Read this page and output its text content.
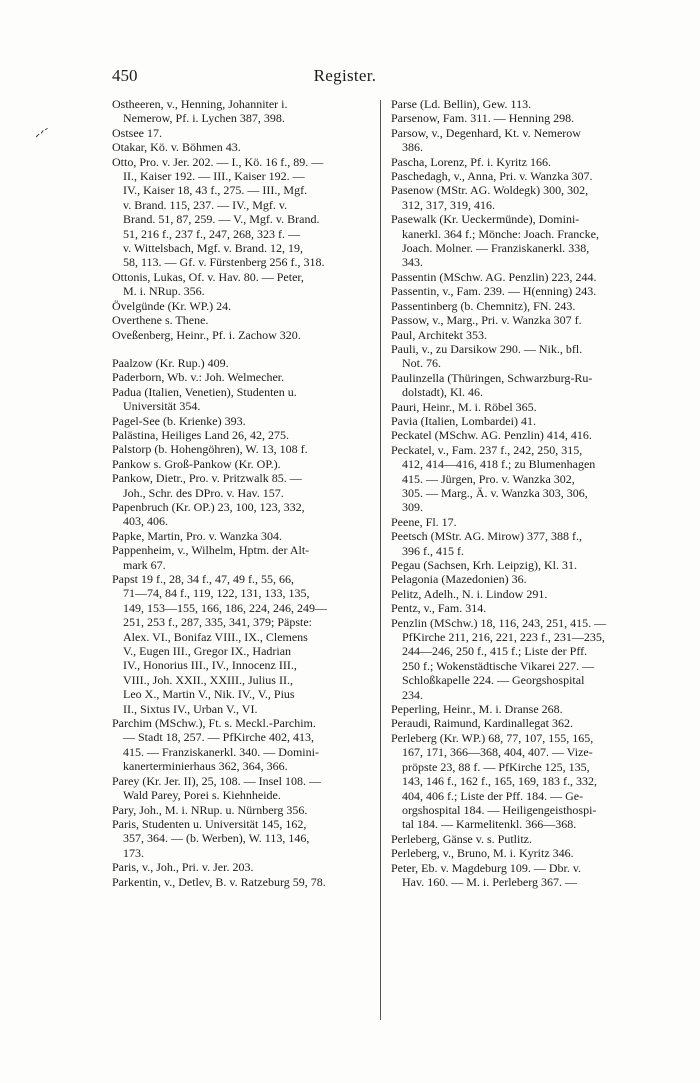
450	Register.
Ostheeren, v., Henning, Johanniter i.
Nemerow, Pf. i. Lychen 387, 398.
Ostsee 17.
Otakar, Kö. v. Böhmen 43.
Otto, Pro. v. Jer. 202. — I., Kö. 16 f., 89. —
II., Kaiser 192. — III., Kaiser 192. —
IV., Kaiser 18, 43 f., 275. — III., Mgf.
v. Brand. 115, 237. — IV., Mgf. v.
Brand. 51, 87, 259. — V., Mgf. v. Brand.
51, 216 f., 237 f., 247, 268, 323 f. —
v. Wittelsbach, Mgf. v. Brand. 12, 19,
58, 113. — Gf. v. Fürstenberg 256 f., 318.
Ottonis, Lukas, Of. v. Hav. 80. — Peter,
M. i. NRup. 356.
Övelgünde (Kr. WP.) 24.
Overthene s. Thene.
Oveßenberg, Heinr., Pf. i. Zachow 320.
Paalzow (Kr. Rup.) 409.
Paderborn, Wb. v.: Joh. Welmecher.
Padua (Italien, Venetien), Studenten u.
Universität 354.
Pagel-See (b. Krienke) 393.
Palästina, Heiliges Land 26, 42, 275.
Palstorp (b. Hohengöhren), W. 13, 108 f.
Pankow s. Groß-Pankow (Kr. OP.).
Pankow, Dietr., Pro. v. Pritzwalk 85. —
Joh., Schr. des DPro. v. Hav. 157.
Papenbruch (Kr. OP.) 23, 100, 123, 332,
403, 406.
Papke, Martin, Pro. v. Wanzka 304.
Pappenheim, v., Wilhelm, Hptm. der Alt-
mark 67.
Papst 19 f., 28, 34 f., 47, 49 f., 55, 66,
71—74, 84 f., 119, 122, 131, 133, 135,
149, 153—155, 166, 186, 224, 246, 249—
251, 253 f., 287, 335, 341, 379; Päpste:
Alex. VI., Bonifaz VIII., IX., Clemens
V., Eugen III., Gregor IX., Hadrian
IV., Honorius III., IV., Innocenz III.,
VIII., Joh. XXII., XXIII., Julius II.,
Leo X., Martin V., Nik. IV., V., Pius
II., Sixtus IV., Urban V., VI.
Parchim (MSchw.), Ft. s. Meckl.-Parchim.
— Stadt 18, 257. — PfKirche 402, 413,
415. — Franziskanerkl. 340. — Domini-
kanerterminierhaus 362, 364, 366.
Parey (Kr. Jer. II), 25, 108. — Insel 108. —
Wald Parey, Porei s. Kiehnheide.
Pary, Joh., M. i. NRup. u. Nürnberg 356.
Paris, Studenten u. Universität 145, 162,
357, 364. — (b. Werben), W. 113, 146,
173.
Paris, v., Joh., Pri. v. Jer. 203.
Parkentin, v., Detlev, B. v. Ratzeburg 59, 78.
Parse (Ld. Bellin), Gew. 113.
Parsenow, Fam. 311. — Henning 298.
Parsow, v., Degenhard, Kt. v. Nemerow
386.
Pascha, Lorenz, Pf. i. Kyritz 166.
Paschedagh, v., Anna, Pri. v. Wanzka 307.
Pasenow (MStr. AG. Woldegk) 300, 302,
312, 317, 319, 416.
Pasewalk (Kr. Ueckermünde), Domini-
kanerkl. 364 f.; Mönche: Joach. Francke,
Joach. Molner. — Franziskanerkl. 338,
343.
Passentin (MSchw. AG. Penzlin) 223, 244.
Passentin, v., Fam. 239. — H(enning) 243.
Passentinberg (b. Chemnitz), FN. 243.
Passow, v., Marg., Pri. v. Wanzka 307 f.
Paul, Architekt 353.
Pauli, v., zu Darsikow 290. — Nik., bfl.
Not. 76.
Paulinzella (Thüringen, Schwarzburg-Ru-
dolstadt), Kl. 46.
Pauri, Heinr., M. i. Röbel 365.
Pavia (Italien, Lombardei) 41.
Peckatel (MSchw. AG. Penzlin) 414, 416.
Peckatel, v., Fam. 237 f., 242, 250, 315,
412, 414—416, 418 f.; zu Blumenhagen
415. — Jürgen, Pro. v. Wanzka 302,
305. — Marg., Ä. v. Wanzka 303, 306,
309.
Peene, Fl. 17.
Peetsch (MStr. AG. Mirow) 377, 388 f.,
396 f., 415 f.
Pegau (Sachsen, Krh. Leipzig), Kl. 31.
Pelagonia (Mazedonien) 36.
Pelitz, Adelh., N. i. Lindow 291.
Pentz, v., Fam. 314.
Penzlin (MSchw.) 18, 116, 243, 251, 415. —
PfKirche 211, 216, 221, 223 f., 231—235,
244—246, 250 f., 415 f.; Liste der Pff.
250 f.; Wokenstädtische Vikarei 227. —
Schloßkapelle 224. — Georgshospital
234.
Peperling, Heinr., M. i. Dranse 268.
Peraudi, Raimund, Kardinallegat 362.
Perleberg (Kr. WP.) 68, 77, 107, 155, 165,
167, 171, 366—368, 404, 407. — Vize-
pröpste 23, 88 f. — PfKirche 125, 135,
143, 146 f., 162 f., 165, 169, 183 f., 332,
404, 406 f.; Liste der Pff. 184. — Ge-
orgshospital 184. — Heiligengeisthospi-
tal 184. — Karmelitenkl. 366—368.
Perleberg, Gänse v. s. Putlitz.
Perleberg, v., Bruno, M. i. Kyritz 346.
Peter, Eb. v. Magdeburg 109. — Dbr. v.
Hav. 160. — M. i. Perleberg 367. —
